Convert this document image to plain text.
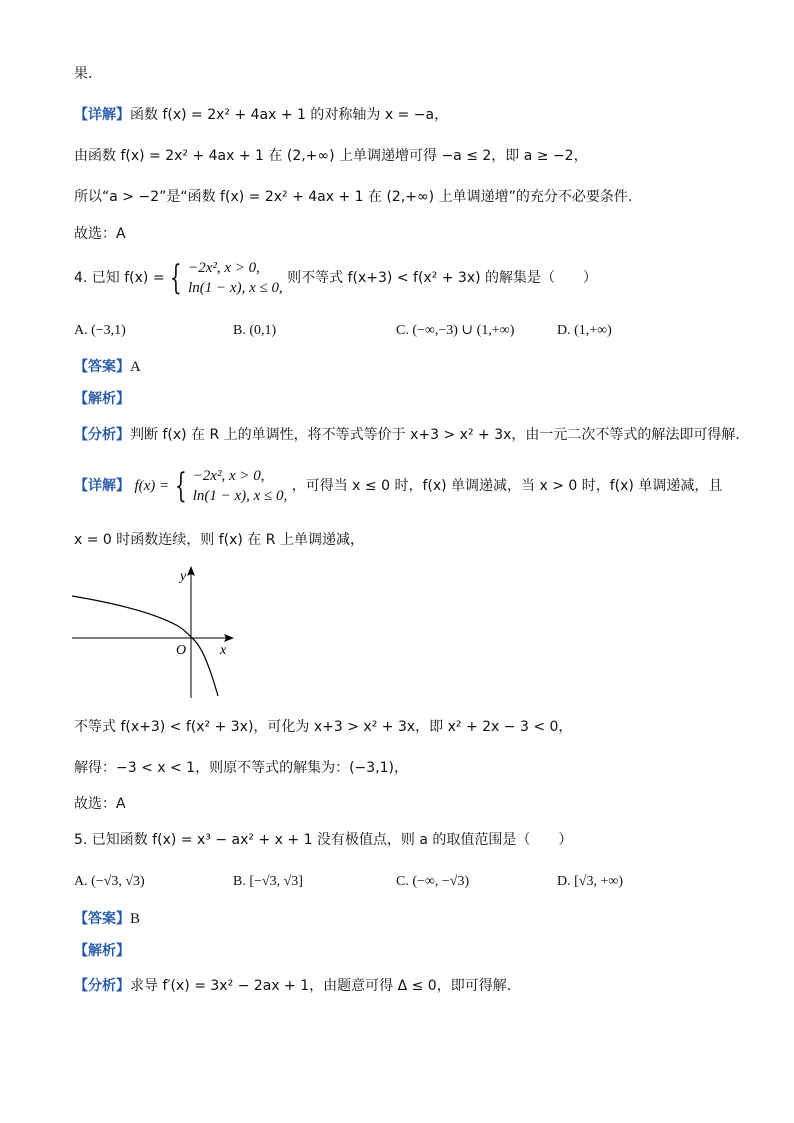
果.
【详解】函数 f(x) = 2x² + 4ax + 1 的对称轴为 x = −a，
由函数 f(x) = 2x² + 4ax + 1 在 (2,+∞) 上单调递增可得 −a ≤ 2，即 a ≥ −2，
所以“a > −2”是“函数 f(x) = 2x² + 4ax + 1 在 (2,+∞) 上单调递增”的充分不必要条件.
故选：A
4. 已知 f(x) = { −2x², x > 0,
ln(1 − x), x ≤ 0,
则不等式 f(x+3) < f(x² + 3x) 的解集是（　　）
A. (−3,1)	B. (0,1)	C. (−∞,−3) ∪ (1,+∞)	D. (1,+∞)
【答案】A
【解析】
【分析】判断 f(x) 在 R 上的单调性，将不等式等价于 x+3 > x² + 3x，由一元二次不等式的解法即可得解.
【详解】 f(x) = { −2x², x > 0,
ln(1 − x), x ≤ 0,
，可得当 x ≤ 0 时，f(x) 单调递减，当 x > 0 时，f(x) 单调递减，且
x = 0 时函数连续，则 f(x) 在 R 上单调递减，
y
x
O
不等式 f(x+3) < f(x² + 3x)，可化为 x+3 > x² + 3x，即 x² + 2x − 3 < 0，
解得：−3 < x < 1，则原不等式的解集为：(−3,1)，
故选：A
5. 已知函数 f(x) = x³ − ax² + x + 1 没有极值点，则 a 的取值范围是（　　）
A. (−√3, √3)	B. [−√3, √3]	C. (−∞, −√3)	D. [√3, +∞)
【答案】B
【解析】
【分析】求导 f′(x) = 3x² − 2ax + 1，由题意可得 Δ ≤ 0，即可得解.
